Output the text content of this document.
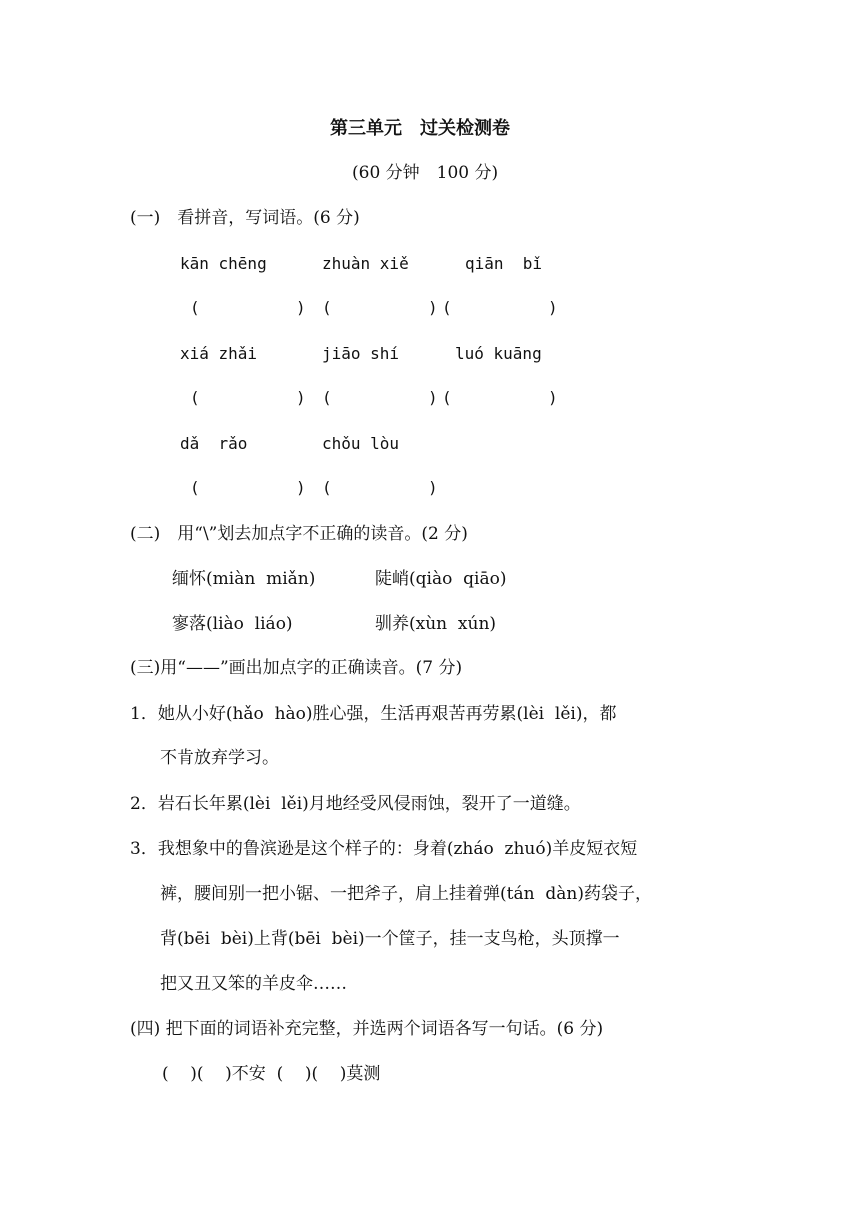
第三单元　过关检测卷
(60 分钟　100 分)
(一)　看拼音，写词语。(6 分)
kān chēng	zhuàn xiě	qiān  bǐ
(          ) (          ) (          )
xiá zhǎi	jiāo shí	luó kuāng
(          ) (          ) (          )
dǎ  rǎo	chǒu lòu
(          ) (          )
(二)　用“\”划去加点字不正确的读音。(2 分)
缅怀(miàn  miǎn)	陡峭(qiào  qiāo)
寥落(liào  liáo)	驯养(xùn  xún)
(三)用“——”画出加点字的正确读音。(7 分)
1．她从小好(hǎo  hào)胜心强，生活再艰苦再劳累(lèi  lěi)，都
不肯放弃学习。
2．岩石长年累(lèi  lěi)月地经受风侵雨蚀，裂开了一道缝。
3．我想象中的鲁滨逊是这个样子的：身着(zháo  zhuó)羊皮短衣短
裤，腰间别一把小锯、一把斧子，肩上挂着弹(tán  dàn)药袋子，
背(bēi  bèi)上背(bēi  bèi)一个筐子，挂一支鸟枪，头顶撑一
把又丑又笨的羊皮伞……
(四) 把下面的词语补充完整，并选两个词语各写一句话。(6 分)
(    )(    )不安  (    )(    )莫测
